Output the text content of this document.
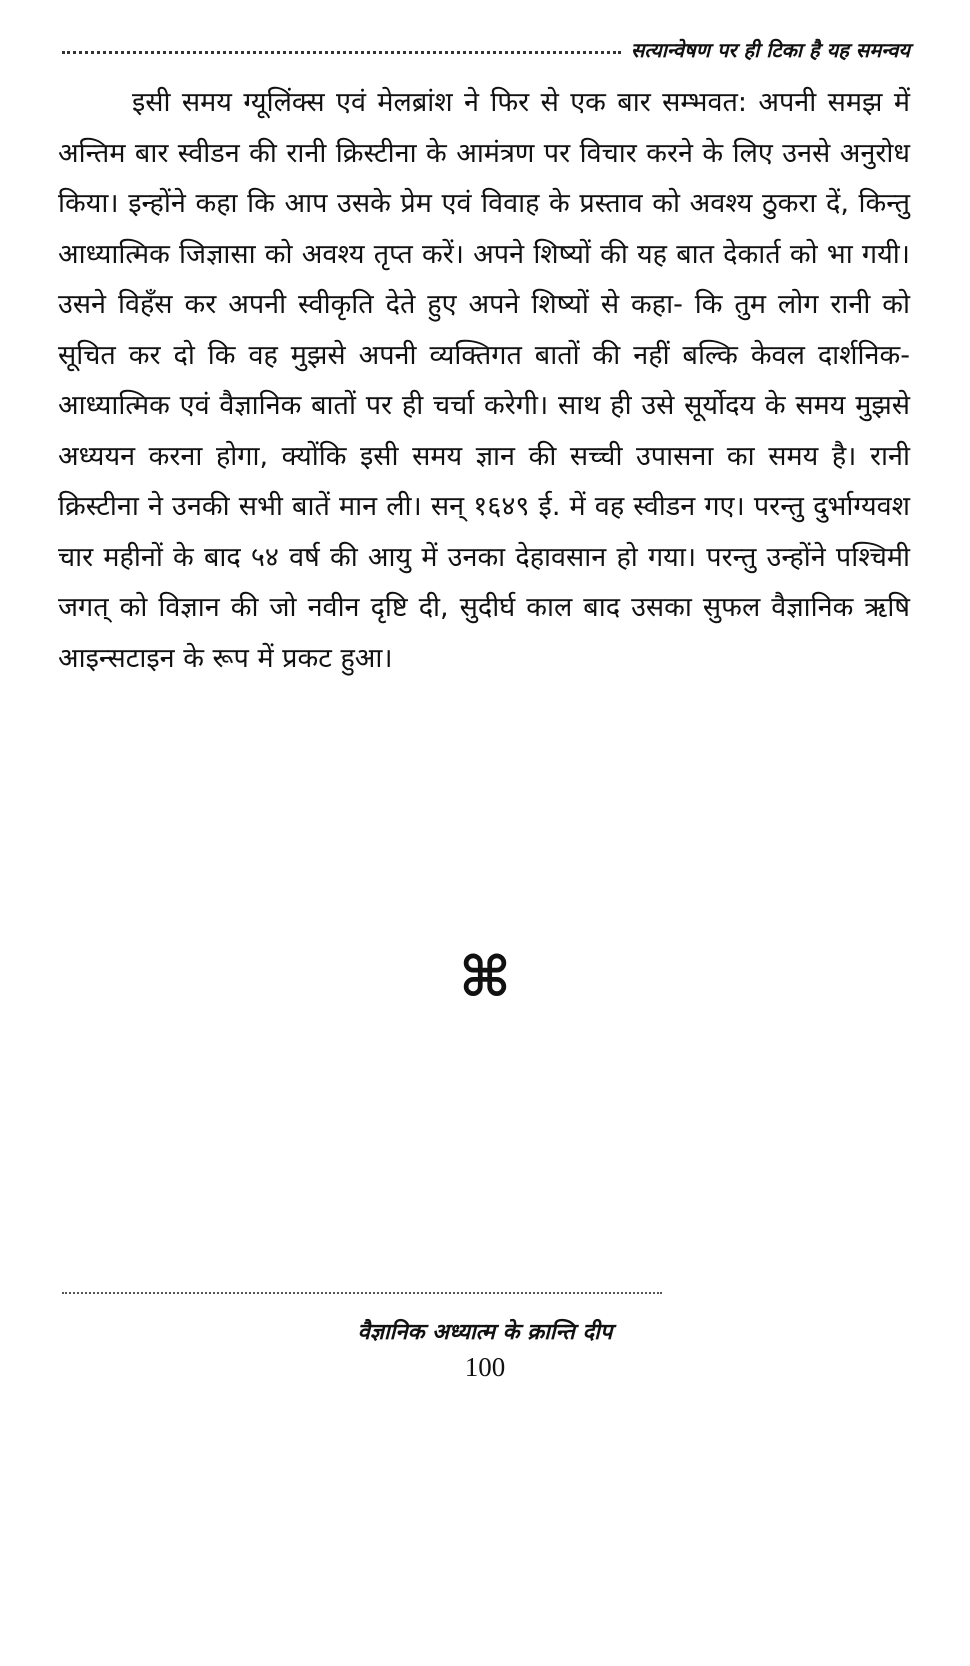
सत्यान्वेषण पर ही टिका है यह समन्वय

इसी समय ग्यूलिंक्स एवं मेलब्रांश ने फिर से एक बार सम्भवत: अपनी समझ में अन्तिम बार स्वीडन की रानी क्रिस्टीना के आमंत्रण पर विचार करने के लिए उनसे अनुरोध किया। इन्होंने कहा कि आप उसके प्रेम एवं विवाह के प्रस्ताव को अवश्य ठुकरा दें, किन्तु आध्यात्मिक जिज्ञासा को अवश्य तृप्त करें। अपने शिष्यों की यह बात देकार्त को भा गयी। उसने विहँस कर अपनी स्वीकृति देते हुए अपने शिष्यों से कहा- कि तुम लोग रानी को सूचित कर दो कि वह मुझसे अपनी व्यक्तिगत बातों की नहीं बल्कि केवल दार्शनिक-आध्यात्मिक एवं वैज्ञानिक बातों पर ही चर्चा करेगी। साथ ही उसे सूर्योदय के समय मुझसे अध्ययन करना होगा, क्योंकि इसी समय ज्ञान की सच्ची उपासना का समय है। रानी क्रिस्टीना ने उनकी सभी बातें मान ली। सन् १६४९ ई. में वह स्वीडन गए। परन्तु दुर्भाग्यवश चार महीनों के बाद ५४ वर्ष की आयु में उनका देहावसान हो गया। परन्तु उन्होंने पश्चिमी जगत् को विज्ञान की जो नवीन दृष्टि दी, सुदीर्घ काल बाद उसका सुफल वैज्ञानिक ऋषि आइन्सटाइन के रूप में प्रकट हुआ।

⌘
वैज्ञानिक अध्यात्म के क्रान्ति दीप
100
